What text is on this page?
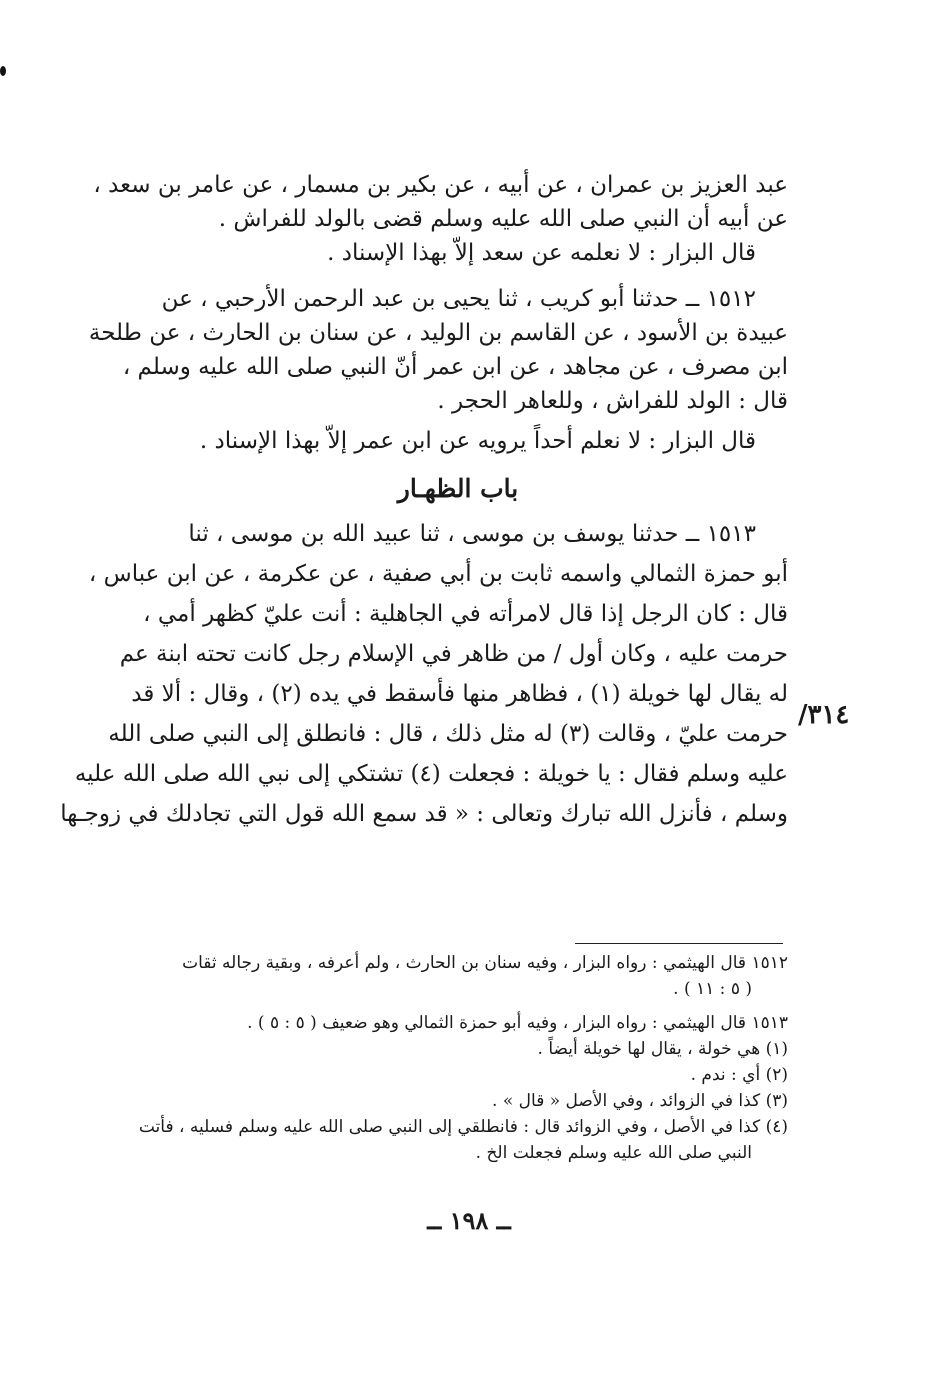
عبد العزيز بن عمران ، عن أبيه ، عن بكير بن مسمار ، عن عامر بن سعد ،
عن أبيه أن النبي صلى الله عليه وسلم قضى بالولد للفراش .
قال البزار : لا نعلمه عن سعد إلاّ بهذا الإسناد .
١٥١٢ ــ حدثنا أبو كريب ، ثنا يحيى بن عبد الرحمن الأرحبي ، عن
عبيدة بن الأسود ، عن القاسم بن الوليد ، عن سنان بن الحارث ، عن طلحة
ابن مصرف ، عن مجاهد ، عن ابن عمر أنّ النبي صلى الله عليه وسلم ،
قال : الولد للفراش ، وللعاهر الحجر .
قال البزار : لا نعلم أحداً يرويه عن ابن عمر إلاّ بهذا الإسناد .
باب الظهـار
١٥١٣ ــ حدثنا يوسف بن موسى ، ثنا عبيد الله بن موسى ، ثنا
أبو حمزة الثمالي واسمه ثابت بن أبي صفية ، عن عكرمة ، عن ابن عباس ،
قال : كان الرجل إذا قال لامرأته في الجاهلية : أنت عليّ كظهر أمي ،
حرمت عليه ، وكان أول / من ظاهر في الإسلام رجل كانت تحته ابنة عم
له يقال لها خويلة (١) ، فظاهر منها فأسقط في يده (٢) ، وقال : ألا قد
حرمت عليّ ، وقالت (٣) له مثل ذلك ، قال : فانطلق إلى النبي صلى الله
عليه وسلم فقال : يا خويلة : فجعلت (٤) تشتكي إلى نبي الله صلى الله عليه
وسلم ، فأنزل الله تبارك وتعالى : « قد سمع الله قول التي تجادلك في زوجـها
٣١٤/
١٥١٢ قال الهيثمي : رواه البزار ، وفيه سنان بن الحارث ، ولم أعرفه ، وبقية رجاله ثقات
( ٥ : ١١ ) .
١٥١٣ قال الهيثمي : رواه البزار ، وفيه أبو حمزة الثمالي وهو ضعيف ( ٥ : ٥ ) .
(١) هي خولة ، يقال لها خويلة أيضاً .
(٢) أي : ندم .
(٣) كذا في الزوائد ، وفي الأصل « قال » .
(٤) كذا في الأصل ، وفي الزوائد قال : فانطلقي إلى النبي صلى الله عليه وسلم فسليه ، فأتت
النبي صلى الله عليه وسلم فجعلت الخ .
ــ ١٩٨ ــ
